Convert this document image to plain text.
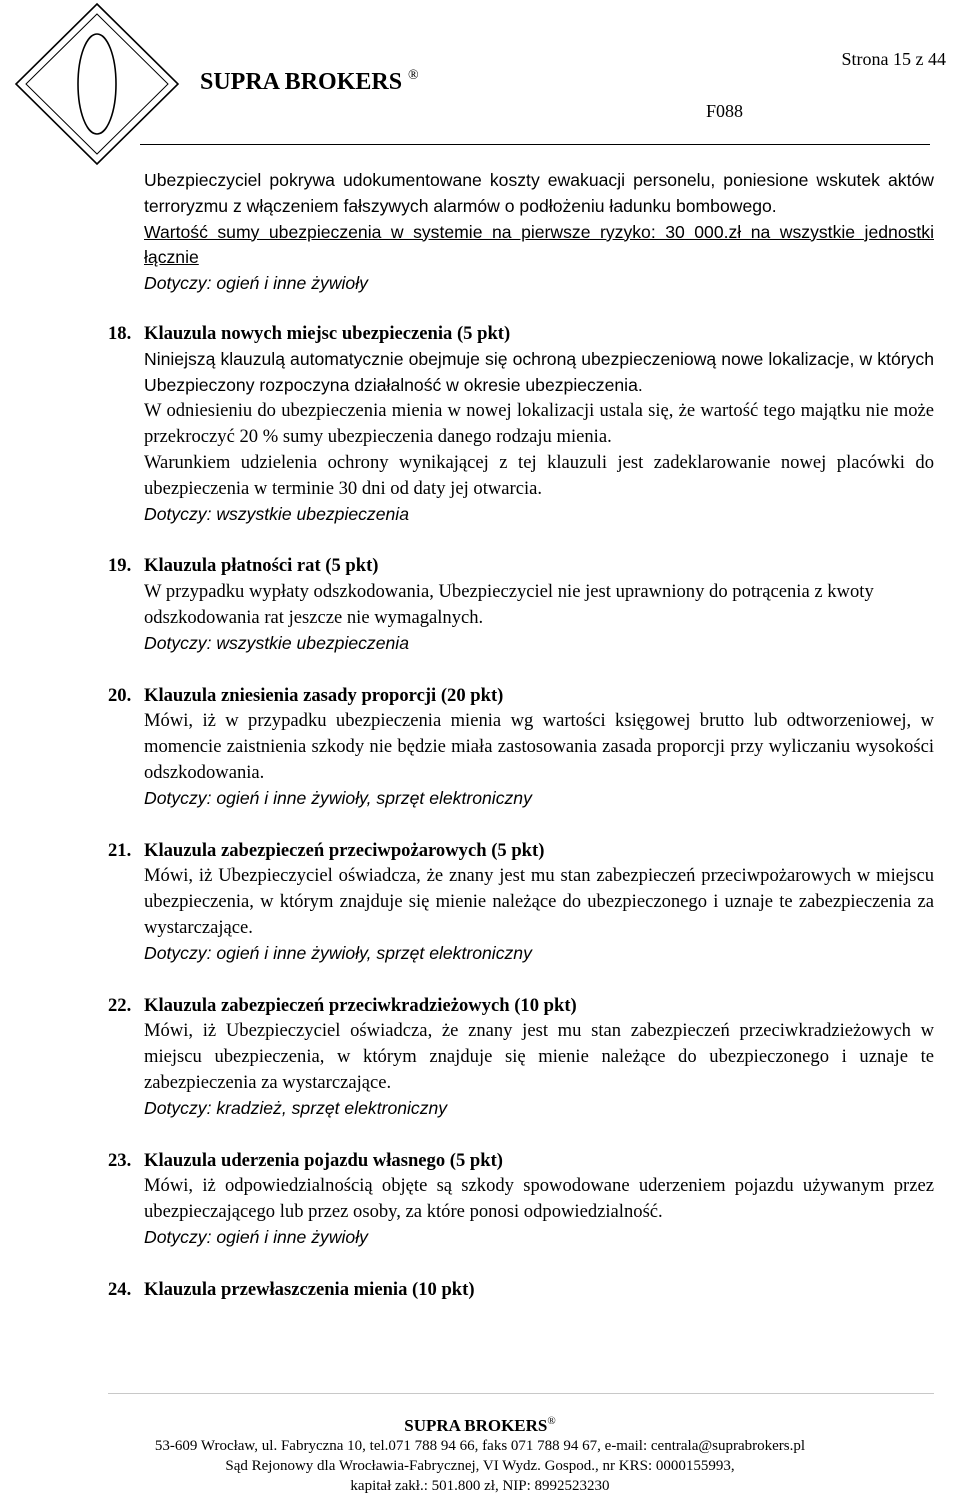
SUPRA BROKERS ®
Strona 15 z 44
F088

Ubezpieczyciel pokrywa udokumentowane koszty ewakuacji personelu, poniesione wskutek aktów terroryzmu z włączeniem fałszywych alarmów o podłożeniu ładunku bombowego.

Wartość sumy ubezpieczenia w systemie na pierwsze ryzyko: 30 000.zł na wszystkie jednostki łącznie

Dotyczy: ogień i inne żywioły

18. Klauzula nowych miejsc ubezpieczenia (5 pkt)

Niniejszą klauzulą automatycznie obejmuje się ochroną ubezpieczeniową nowe lokalizacje, w których Ubezpieczony rozpoczyna działalność w okresie ubezpieczenia.

W odniesieniu do ubezpieczenia mienia w nowej lokalizacji ustala się, że wartość tego majątku nie może przekroczyć 20 % sumy ubezpieczenia danego rodzaju mienia.

Warunkiem udzielenia ochrony wynikającej z tej klauzuli jest zadeklarowanie nowej placówki do ubezpieczenia w terminie 30 dni od daty jej otwarcia.

Dotyczy: wszystkie ubezpieczenia

19. Klauzula płatności rat (5 pkt)

W przypadku wypłaty odszkodowania, Ubezpieczyciel nie jest uprawniony do potrącenia z kwoty odszkodowania rat jeszcze nie wymagalnych.

Dotyczy: wszystkie ubezpieczenia

20. Klauzula zniesienia zasady proporcji (20 pkt)

Mówi, iż w przypadku ubezpieczenia mienia wg wartości księgowej brutto lub odtworzeniowej, w momencie zaistnienia szkody nie będzie miała zastosowania zasada proporcji przy wyliczaniu wysokości odszkodowania.

Dotyczy: ogień i inne żywioły, sprzęt elektroniczny

21. Klauzula zabezpieczeń przeciwpożarowych (5 pkt)

Mówi, iż Ubezpieczyciel oświadcza, że znany jest mu stan zabezpieczeń przeciwpożarowych w miejscu ubezpieczenia, w którym znajduje się mienie należące do ubezpieczonego i uznaje te zabezpieczenia za wystarczające.

Dotyczy: ogień i inne żywioły, sprzęt elektroniczny

22. Klauzula zabezpieczeń przeciwkradzieżowych (10 pkt)

Mówi, iż Ubezpieczyciel oświadcza, że znany jest mu stan zabezpieczeń przeciwkradzieżowych w miejscu ubezpieczenia, w którym znajduje się mienie należące do ubezpieczonego i uznaje te zabezpieczenia za wystarczające.

Dotyczy: kradzież, sprzęt elektroniczny

23. Klauzula uderzenia pojazdu własnego (5 pkt)

Mówi, iż odpowiedzialnością objęte są szkody spowodowane uderzeniem pojazdu używanym przez ubezpieczającego lub przez osoby, za które ponosi odpowiedzialność.

Dotyczy: ogień i inne żywioły

24. Klauzula przewłaszczenia mienia (10 pkt)
SUPRA BROKERS®
53-609 Wrocław, ul. Fabryczna 10, tel.071 788 94 66, faks 071 788 94 67, e-mail: centrala@suprabrokers.pl
Sąd Rejonowy dla Wrocławia-Fabrycznej, VI Wydz. Gospod., nr KRS: 0000155993,
kapitał zakł.: 501.800 zł, NIP: 8992523230
